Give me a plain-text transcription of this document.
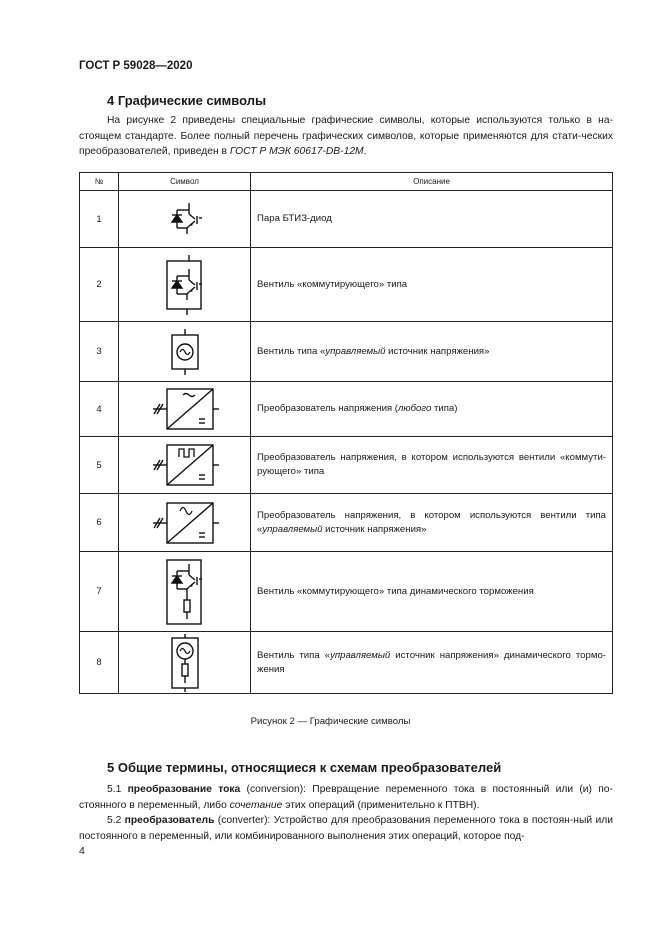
ГОСТ Р 59028—2020
4 Графические символы
На рисунке 2 приведены специальные графические символы, которые используются только в на-стоящем стандарте. Более полный перечень графических символов, которые применяются для стати-ческих преобразователей, приведен в ГОСТ Р МЭК 60617-DB-12M.
№	Символ	Описание
1		Пара БТИЗ-диод
2		Вентиль «коммутирующего» типа
3		Вентиль типа «управляемый источник напряжения»
4		Преобразователь напряжения (любого типа)
5		Преобразователь напряжения, в котором используются вентили «коммути-рующего» типа
6		Преобразователь напряжения, в котором используются вентили типа «управляемый источник напряжения»
7		Вентиль «коммутирующего» типа динамического торможения
8		Вентиль типа «управляемый источник напряжения» динамического тормо-жения
Рисунок 2 — Графические символы
5 Общие термины, относящиеся к схемам преобразователей
5.1 преобразование тока (conversion): Превращение переменного тока в постоянный или (и) по-стоянного в переменный, либо сочетание этих операций (применительно к ПТВН).
5.2 преобразователь (converter): Устройство для преобразования переменного тока в постоян-ный или постоянного в переменный, или комбинированного выполнения этих операций, которое под-
4
